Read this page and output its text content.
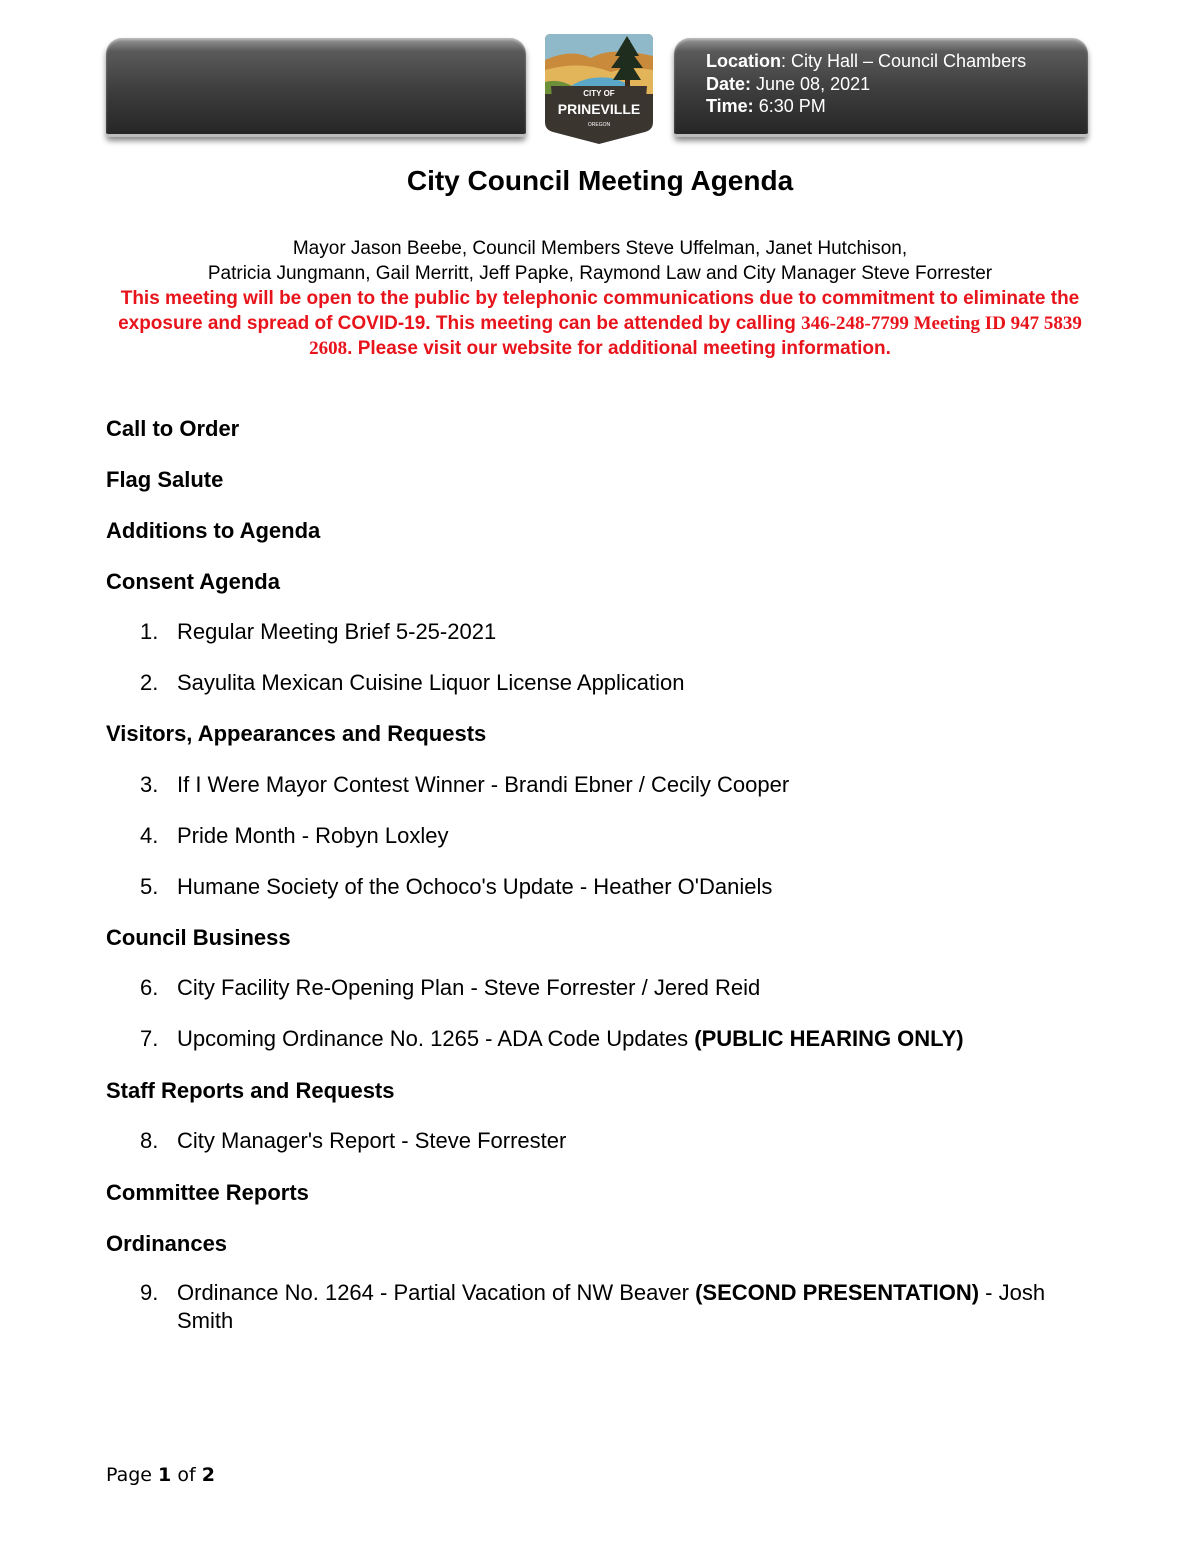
Location: City Hall – Council Chambers
Date: June 08, 2021
Time: 6:30 PM
CITY OF
PRINEVILLE
OREGON
City Council Meeting Agenda
Mayor Jason Beebe, Council Members Steve Uffelman, Janet Hutchison,
Patricia Jungmann, Gail Merritt, Jeff Papke, Raymond Law and City Manager Steve Forrester
This meeting will be open to the public by telephonic communications due to commitment to eliminate the exposure and spread of COVID-19. This meeting can be attended by calling 346-248-7799 Meeting ID 947 5839 2608. Please visit our website for additional meeting information.
Call to Order
Flag Salute
Additions to Agenda
Consent Agenda
1. Regular Meeting Brief 5-25-2021
2. Sayulita Mexican Cuisine Liquor License Application
Visitors, Appearances and Requests
3. If I Were Mayor Contest Winner - Brandi Ebner / Cecily Cooper
4. Pride Month - Robyn Loxley
5. Humane Society of the Ochoco's Update - Heather O'Daniels
Council Business
6. City Facility Re-Opening Plan - Steve Forrester / Jered Reid
7. Upcoming Ordinance No. 1265 - ADA Code Updates (PUBLIC HEARING ONLY)
Staff Reports and Requests
8. City Manager's Report - Steve Forrester
Committee Reports
Ordinances
9. Ordinance No. 1264 - Partial Vacation of NW Beaver (SECOND PRESENTATION) - Josh Smith
Page 1 of 2
